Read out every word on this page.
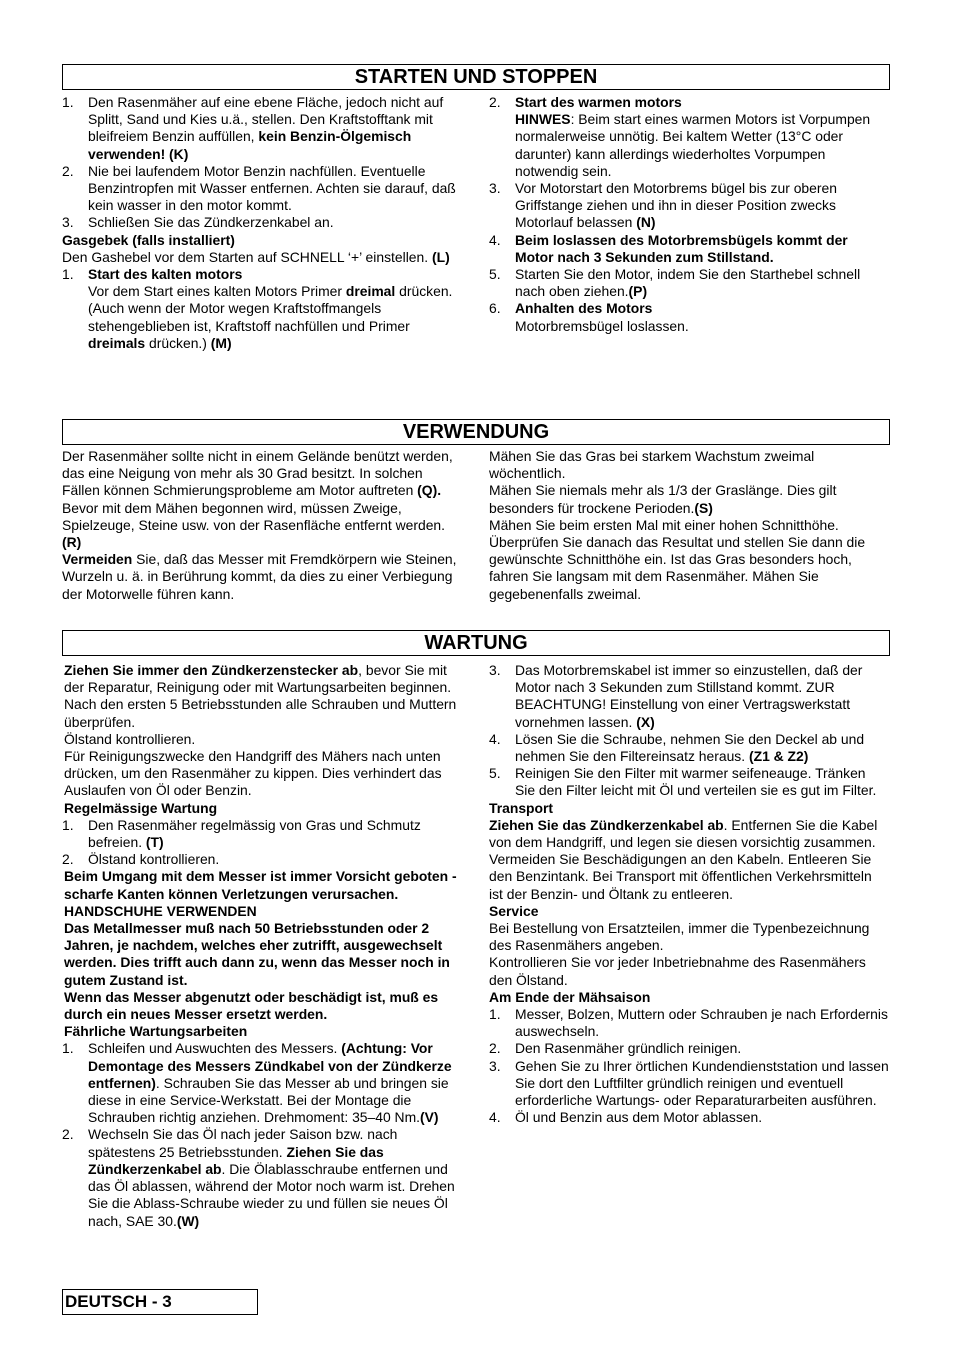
STARTEN UND STOPPEN
1.	Den Rasenmäher auf eine ebene Fläche, jedoch nicht auf Splitt, Sand und Kies u.ä., stellen. Den Kraftstofftank mit bleifreiem Benzin auffüllen, kein Benzin-Ölgemisch verwenden! (K)
2.	Nie bei laufendem Motor Benzin nachfüllen. Eventuelle Benzintropfen mit Wasser entfernen. Achten sie darauf, daß kein wasser in den motor kommt.
3.	Schließen Sie das Zündkerzenkabel an.

Gasgebek (falls installiert)

Den Gashebel vor dem Starten auf SCHNELL ‘+’ einstellen. (L)

1.	Start des kalten motors
Vor dem Start eines kalten Motors Primer dreimal drücken. (Auch wenn der Motor wegen Kraftstoffmangels stehengeblieben ist, Kraftstoff nachfüllen und Primer dreimals drücken.) (M)
2.	Start des warmen motors
HINWES: Beim start eines warmen Motors ist Vorpumpen normalerweise unnötig. Bei kaltem Wetter (13°C oder darunter) kann allerdings wiederholtes Vorpumpen notwendig sein.
3.	Vor Motorstart den Motorbrems bügel bis zur oberen Griffstange ziehen und ihn in dieser Position zwecks Motorlauf belassen (N)
4.	Beim loslassen des Motorbremsbügels kommt der Motor nach 3 Sekunden zum Stillstand.
5.	Starten Sie den Motor, indem Sie den Starthebel schnell nach oben ziehen.(P)
6.	Anhalten des Motors
Motorbremsbügel loslassen.
VERWENDUNG

Der Rasenmäher sollte nicht in einem Gelände benützt werden, das eine Neigung von mehr als 30 Grad besitzt. In solchen Fällen können Schmierungsprobleme am Motor auftreten (Q).

Bevor mit dem Mähen begonnen wird, müssen Zweige, Spielzeuge, Steine usw. von der Rasenfläche entfernt werden.(R)

Vermeiden Sie, daß das Messer mit Fremdkörpern wie Steinen, Wurzeln u. ä. in Berührung kommt, da dies zu einer Verbiegung der Motorwelle führen kann.

Mähen Sie das Gras bei starkem Wachstum zweimal wöchentlich.

Mähen Sie niemals mehr als 1/3 der Graslänge. Dies gilt besonders für trockene Perioden.(S)

Mähen Sie beim ersten Mal mit einer hohen Schnitthöhe.

Überprüfen Sie danach das Resultat und stellen Sie dann die gewünschte Schnitthöhe ein. Ist das Gras besonders hoch, fahren Sie langsam mit dem Rasenmäher. Mähen Sie gegebenenfalls zweimal.

WARTUNG

Ziehen Sie immer den Zündkerzenstecker ab, bevor Sie mit der Reparatur, Reinigung oder mit Wartungsarbeiten beginnen.

Nach den ersten 5 Betriebsstunden alle Schrauben und Muttern überprüfen.

Ölstand kontrollieren.

Für Reinigungszwecke den Handgriff des Mähers nach unten drücken, um den Rasenmäher zu kippen. Dies verhindert das Auslaufen von Öl oder Benzin.

Regelmässige Wartung

1.	Den Rasenmäher regelmässig von Gras und Schmutz befreien. (T)
2.	Ölstand kontrollieren.

Beim Umgang mit dem Messer ist immer Vorsicht geboten - scharfe Kanten können Verletzungen verursachen.

HANDSCHUHE VERWENDEN

Das Metallmesser muß nach 50 Betriebsstunden oder 2 Jahren, je nachdem, welches eher zutrifft, ausgewechselt werden. Dies trifft auch dann zu, wenn das Messer noch in gutem Zustand ist.

Wenn das Messer abgenutzt oder beschädigt ist, muß es durch ein neues Messer ersetzt werden.

Fährliche Wartungsarbeiten

1.	Schleifen und Auswuchten des Messers. (Achtung: Vor Demontage des Messers Zündkabel von der Zündkerze entfernen). Schrauben Sie das Messer ab und bringen sie diese in eine Service-Werkstatt. Bei der Montage die Schrauben richtig anziehen. Drehmoment: 35–40 Nm.(V)
2.	Wechseln Sie das Öl nach jeder Saison bzw. nach spätestens 25 Betriebsstunden. Ziehen Sie das Zündkerzenkabel ab. Die Ölablasschraube entfernen und das Öl ablassen, während der Motor noch warm ist. Drehen Sie die Ablass-Schraube wieder zu und füllen sie neues Öl nach, SAE 30.(W)
3.	Das Motorbremskabel ist immer so einzustellen, daß der Motor nach 3 Sekunden zum Stillstand kommt. ZUR BEACHTUNG! Einstellung von einer Vertragswerkstatt vornehmen lassen. (X)
4.	Lösen Sie die Schraube, nehmen Sie den Deckel ab und nehmen Sie den Filtereinsatz heraus. (Z1 & Z2)
5.	Reinigen Sie den Filter mit warmer seifeneauge. Tränken Sie den Filter leicht mit Öl und verteilen sie es gut im Filter.

Transport

Ziehen Sie das Zündkerzenkabel ab. Entfernen Sie die Kabel von dem Handgriff, und legen sie diesen vorsichtig zusammen. Vermeiden Sie Beschädigungen an den Kabeln. Entleeren Sie den Benzintank. Bei Transport mit öffentlichen Verkehrsmitteln ist der Benzin- und Öltank zu entleeren.

Service

Bei Bestellung von Ersatzteilen, immer die Typenbezeichnung des Rasenmähers angeben.

Kontrollieren Sie vor jeder Inbetriebnahme des Rasenmähers den Ölstand.

Am Ende der Mähsaison

1.	Messer, Bolzen, Muttern oder Schrauben je nach Erfordernis auswechseln.
2.	Den Rasenmäher gründlich reinigen.
3.	Gehen Sie zu Ihrer örtlichen Kundendienststation und lassen Sie dort den Luftfilter gründlich reinigen und eventuell erforderliche Wartungs- oder Reparaturarbeiten ausführen.
4.	Öl und Benzin aus dem Motor ablassen.
DEUTSCH - 3
